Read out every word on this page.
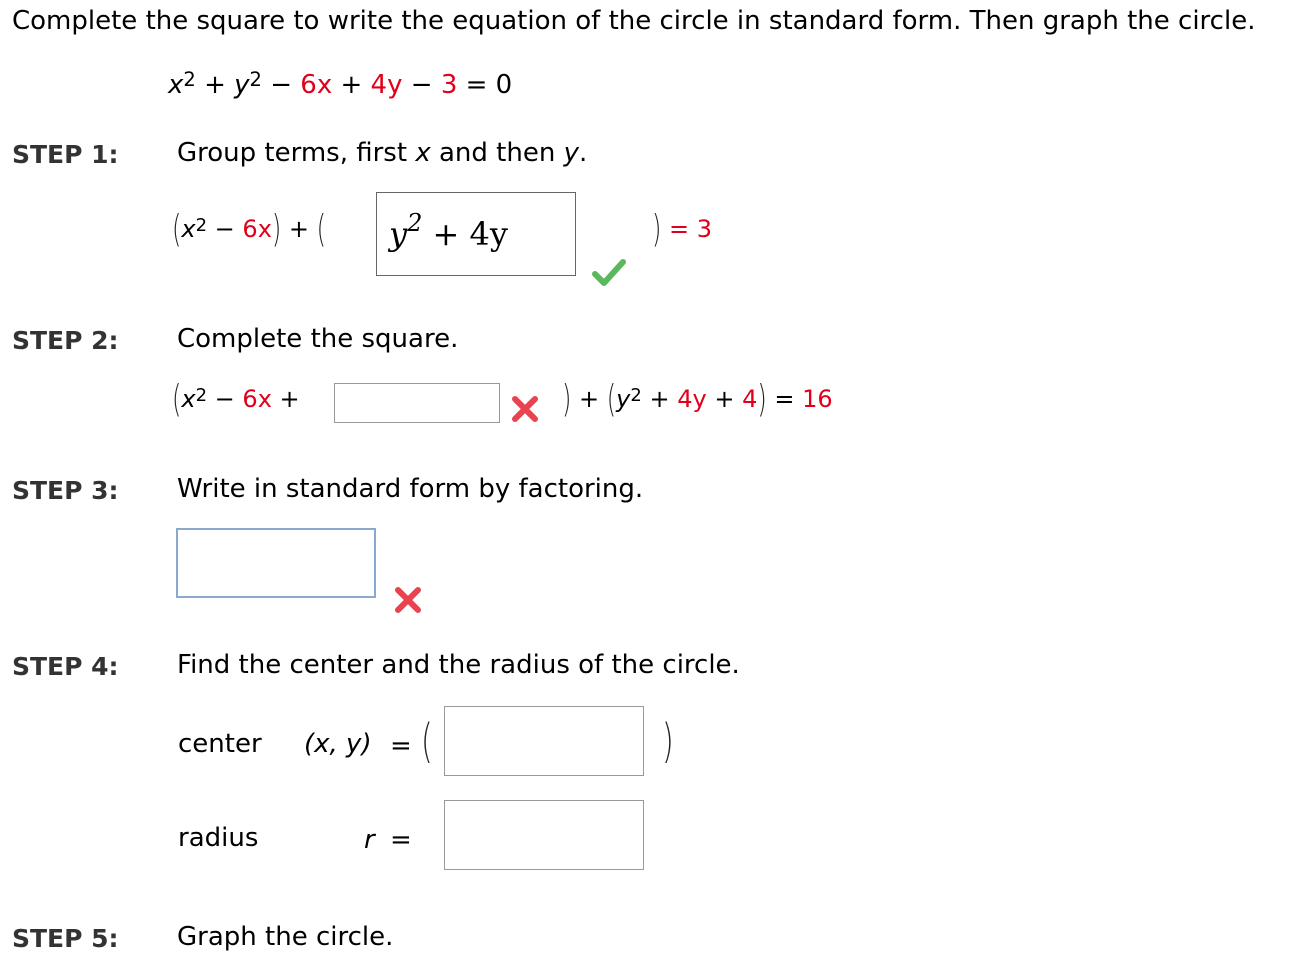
Complete the square to write the equation of the circle in standard form. Then graph the circle.
$x^2 + y^2 - 6x + 4y - 3 = 0$
STEP 1: Group terms, first x and then y.
$(x^2 - 6x)$ + ( $y^2 + 4y$	) = 3
STEP 2: Complete the square.
($x^2 - 6x$ +	) + $(y^2 + 4y + 4) = 16$
STEP 3: Write in standard form by factoring.
STEP 4: Find the center and the radius of the circle.
center (x, y) = (	)
radius	r =
STEP 5: Graph the circle.
